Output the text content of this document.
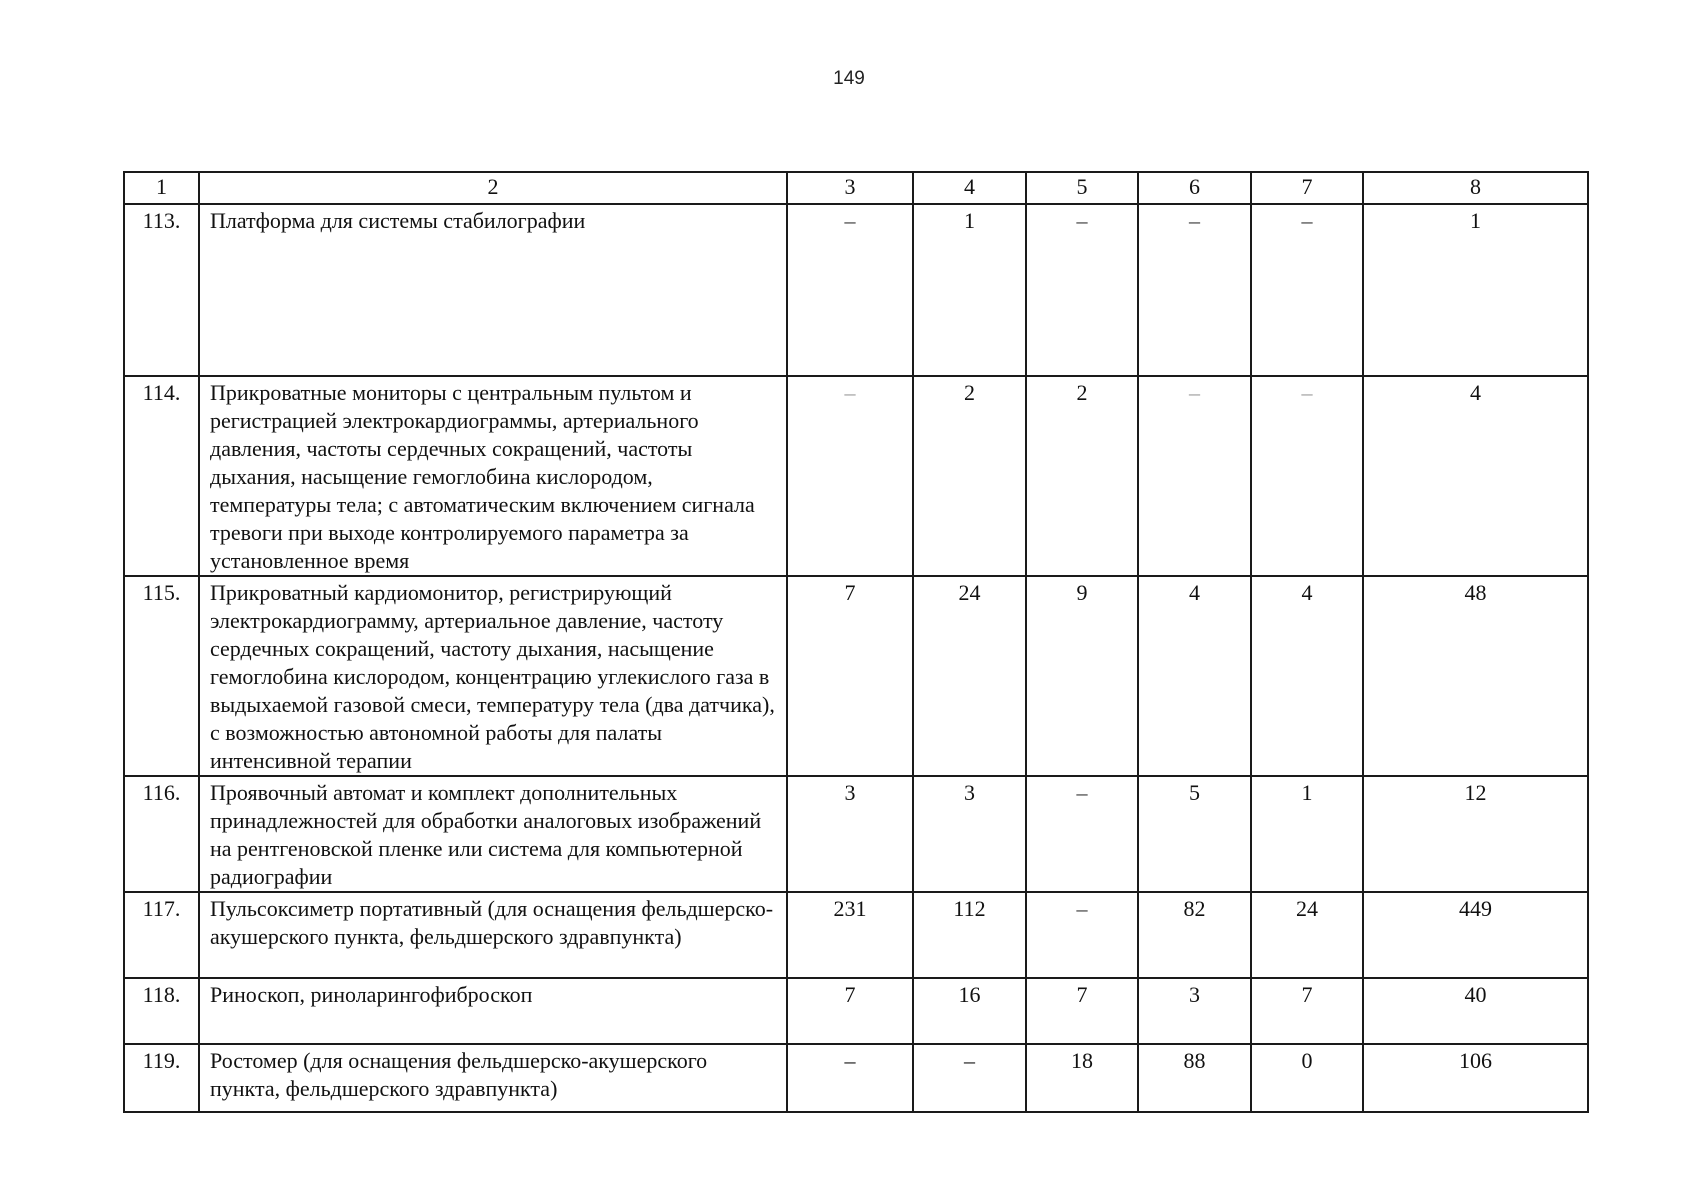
149
1	2	3	4	5	6	7	8
113.	Платформа для системы стабилографии	–	1	–	–	–	1
114.	Прикроватные мониторы с центральным пультом и регистрацией электрокардиограммы, артериального давления, частоты сердечных сокращений, частоты дыхания, насыщение гемоглобина кислородом, температуры тела; с автоматическим включением сигнала тревоги при выходе контролируемого параметра за установленное время	–	2	2	–	–	4
115.	Прикроватный кардиомонитор, регистрирующий электрокардиограмму, артериальное давление, частоту сердечных сокращений, частоту дыхания, насыщение гемоглобина кислородом, концентрацию углекислого газа в выдыхаемой газовой смеси, температуру тела (два датчика), с возможностью автономной работы для палаты интенсивной терапии	7	24	9	4	4	48
116.	Проявочный автомат и комплект дополнительных принадлежностей для обработки аналоговых изображений на рентгеновской пленке или система для компьютерной радиографии	3	3	–	5	1	12
117.	Пульсоксиметр портативный (для оснащения фельдшерско-акушерского пункта, фельдшерского здравпункта)	231	112	–	82	24	449
118.	Риноскоп, риноларингофиброскоп	7	16	7	3	7	40
119.	Ростомер (для оснащения фельдшерско-акушерского пункта, фельдшерского здравпункта)	–	–	18	88	0	106
